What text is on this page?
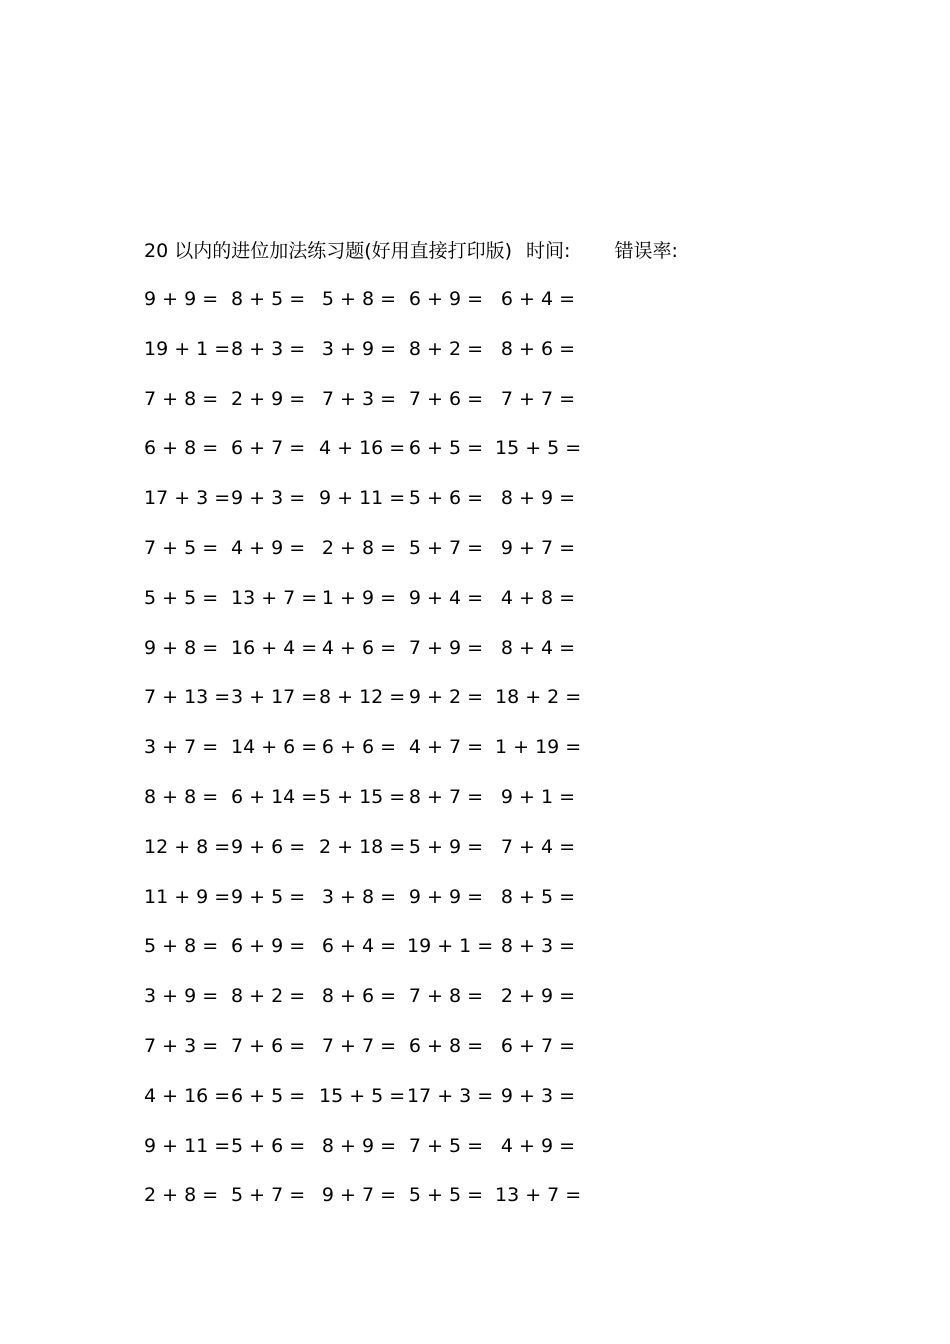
20 以内的进位加法练习题(好用直接打印版) 时间: 错误率:
9 + 9 = 8 + 5 = 5 + 8 = 6 + 9 = 6 + 4 =
19 + 1 = 8 + 3 = 3 + 9 = 8 + 2 = 8 + 6 =
7 + 8 = 2 + 9 = 7 + 3 = 7 + 6 = 7 + 7 =
6 + 8 = 6 + 7 = 4 + 16 = 6 + 5 = 15 + 5 =
17 + 3 = 9 + 3 = 9 + 11 = 5 + 6 = 8 + 9 =
7 + 5 = 4 + 9 = 2 + 8 = 5 + 7 = 9 + 7 =
5 + 5 = 13 + 7 = 1 + 9 = 9 + 4 = 4 + 8 =
9 + 8 = 16 + 4 = 4 + 6 = 7 + 9 = 8 + 4 =
7 + 13 = 3 + 17 = 8 + 12 = 9 + 2 = 18 + 2 =
3 + 7 = 14 + 6 = 6 + 6 = 4 + 7 = 1 + 19 =
8 + 8 = 6 + 14 = 5 + 15 = 8 + 7 = 9 + 1 =
12 + 8 = 9 + 6 = 2 + 18 = 5 + 9 = 7 + 4 =
11 + 9 = 9 + 5 = 3 + 8 = 9 + 9 = 8 + 5 =
5 + 8 = 6 + 9 = 6 + 4 = 19 + 1 = 8 + 3 =
3 + 9 = 8 + 2 = 8 + 6 = 7 + 8 = 2 + 9 =
7 + 3 = 7 + 6 = 7 + 7 = 6 + 8 = 6 + 7 =
4 + 16 = 6 + 5 = 15 + 5 = 17 + 3 = 9 + 3 =
9 + 11 = 5 + 6 = 8 + 9 = 7 + 5 = 4 + 9 =
2 + 8 = 5 + 7 = 9 + 7 = 5 + 5 = 13 + 7 =
